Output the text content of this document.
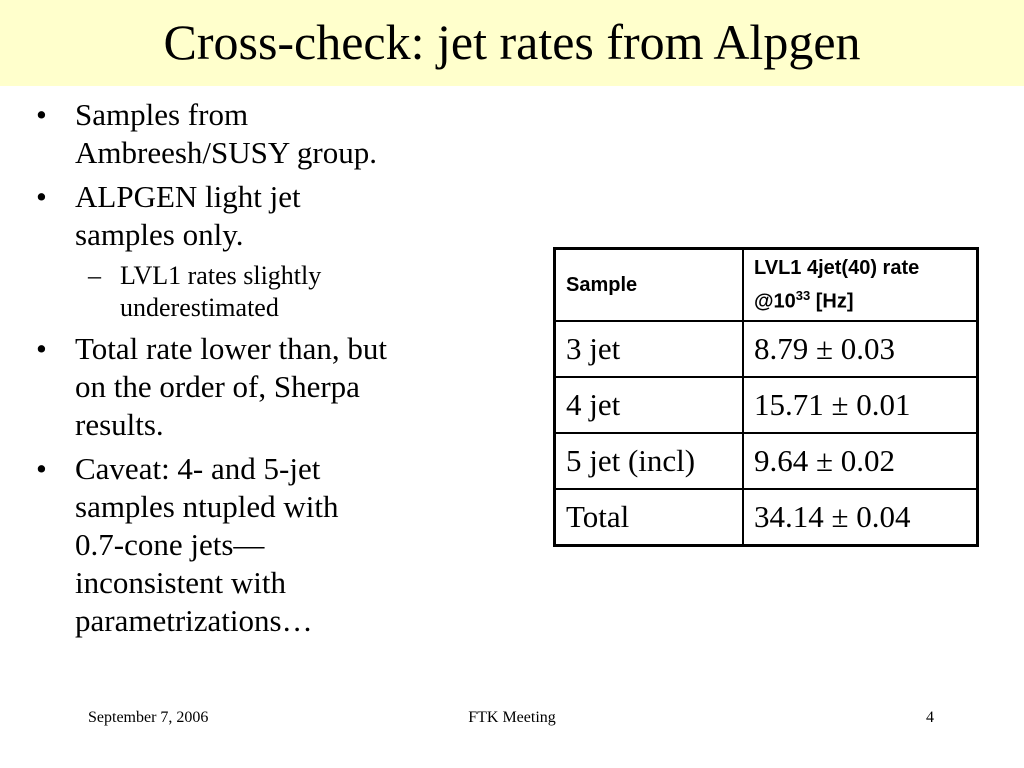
Cross-check: jet rates from Alpgen
• Samples from
Ambreesh/SUSY group.
• ALPGEN light jet
samples only.
– LVL1 rates slightly
underestimated
• Total rate lower than, but
on the order of, Sherpa
results.
• Caveat: 4- and 5-jet
samples ntupled with
0.7-cone jets—
inconsistent with
parametrizations…
Sample	LVL1 4jet(40) rate
$@10^{33}$ [Hz]

3 jet	8.79 ± 0.03
4 jet	15.71 ± 0.01
5 jet (incl)	9.64 ± 0.02
Total	34.14 ± 0.04
September 7, 2006	FTK Meeting	4
